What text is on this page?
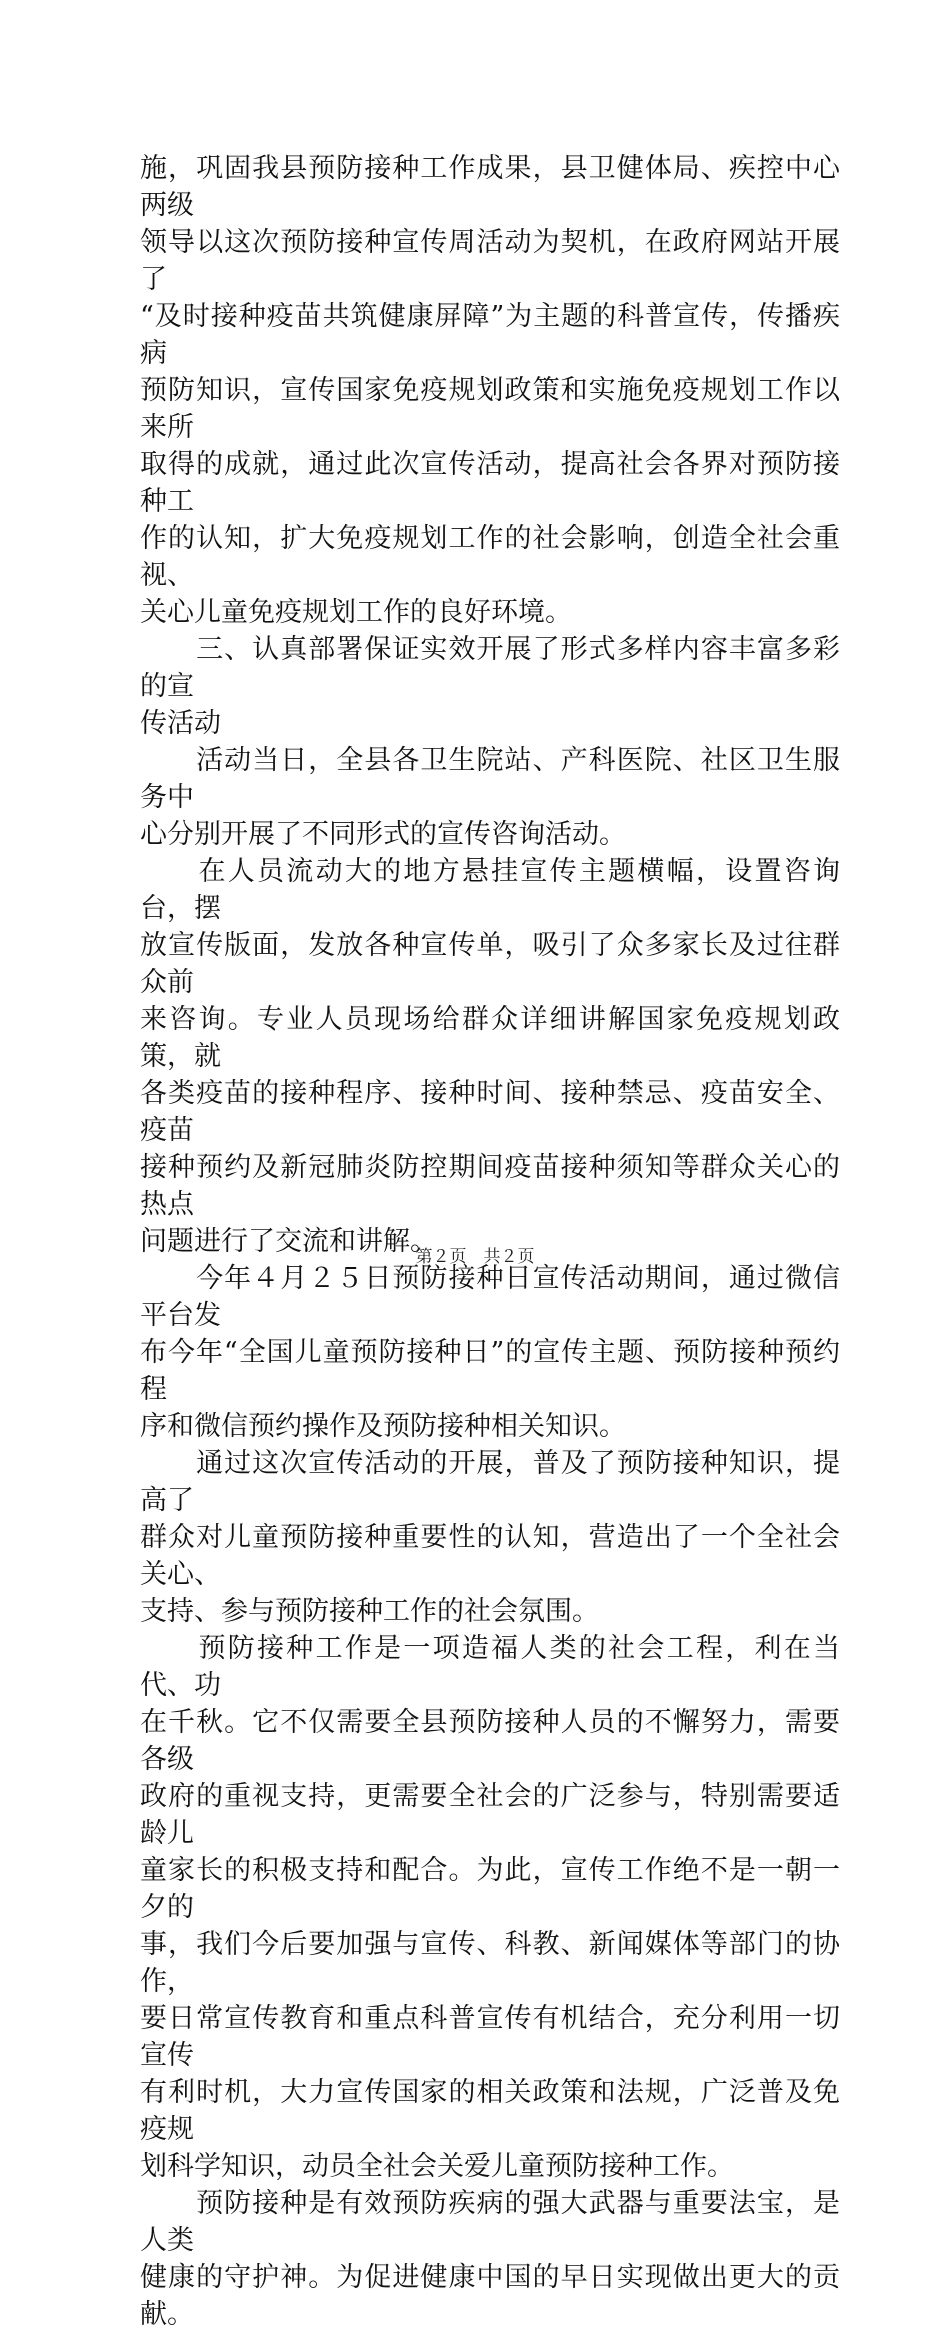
施，巩固我县预防接种工作成果，县卫健体局、疾控中心两级
领导以这次预防接种宣传周活动为契机，在政府网站开展了
“及时接种疫苗共筑健康屏障”为主题的科普宣传，传播疾病
预防知识，宣传国家免疫规划政策和实施免疫规划工作以来所
取得的成就，通过此次宣传活动，提高社会各界对预防接种工
作的认知，扩大免疫规划工作的社会影响，创造全社会重视、
关心儿童免疫规划工作的良好环境。

　　三、认真部署保证实效开展了形式多样内容丰富多彩的宣
传活动

　　活动当日，全县各卫生院站、产科医院、社区卫生服务中
心分别开展了不同形式的宣传咨询活动。

　　在人员流动大的地方悬挂宣传主题横幅，设置咨询台，摆
放宣传版面，发放各种宣传单，吸引了众多家长及过往群众前
来咨询。专业人员现场给群众详细讲解国家免疫规划政策，就
各类疫苗的接种程序、接种时间、接种禁忌、疫苗安全、疫苗
接种预约及新冠肺炎防控期间疫苗接种须知等群众关心的热点
问题进行了交流和讲解。

　　今年４月２５日预防接种日宣传活动期间，通过微信平台发
布今年“全国儿童预防接种日”的宣传主题、预防接种预约程
序和微信预约操作及预防接种相关知识。

　　通过这次宣传活动的开展，普及了预防接种知识，提高了
群众对儿童预防接种重要性的认知，营造出了一个全社会关心、
支持、参与预防接种工作的社会氛围。

　　预防接种工作是一项造福人类的社会工程，利在当代、功
在千秋。它不仅需要全县预防接种人员的不懈努力，需要各级
政府的重视支持，更需要全社会的广泛参与，特别需要适龄儿
童家长的积极支持和配合。为此，宣传工作绝不是一朝一夕的
事，我们今后要加强与宣传、科教、新闻媒体等部门的协作，
要日常宣传教育和重点科普宣传有机结合，充分利用一切宣传
有利时机，大力宣传国家的相关政策和法规，广泛普及免疫规
划科学知识，动员全社会关爱儿童预防接种工作。

　　预防接种是有效预防疾病的强大武器与重要法宝，是人类
健康的守护神。为促进健康中国的早日实现做出更大的贡献。

第２页　共２页
